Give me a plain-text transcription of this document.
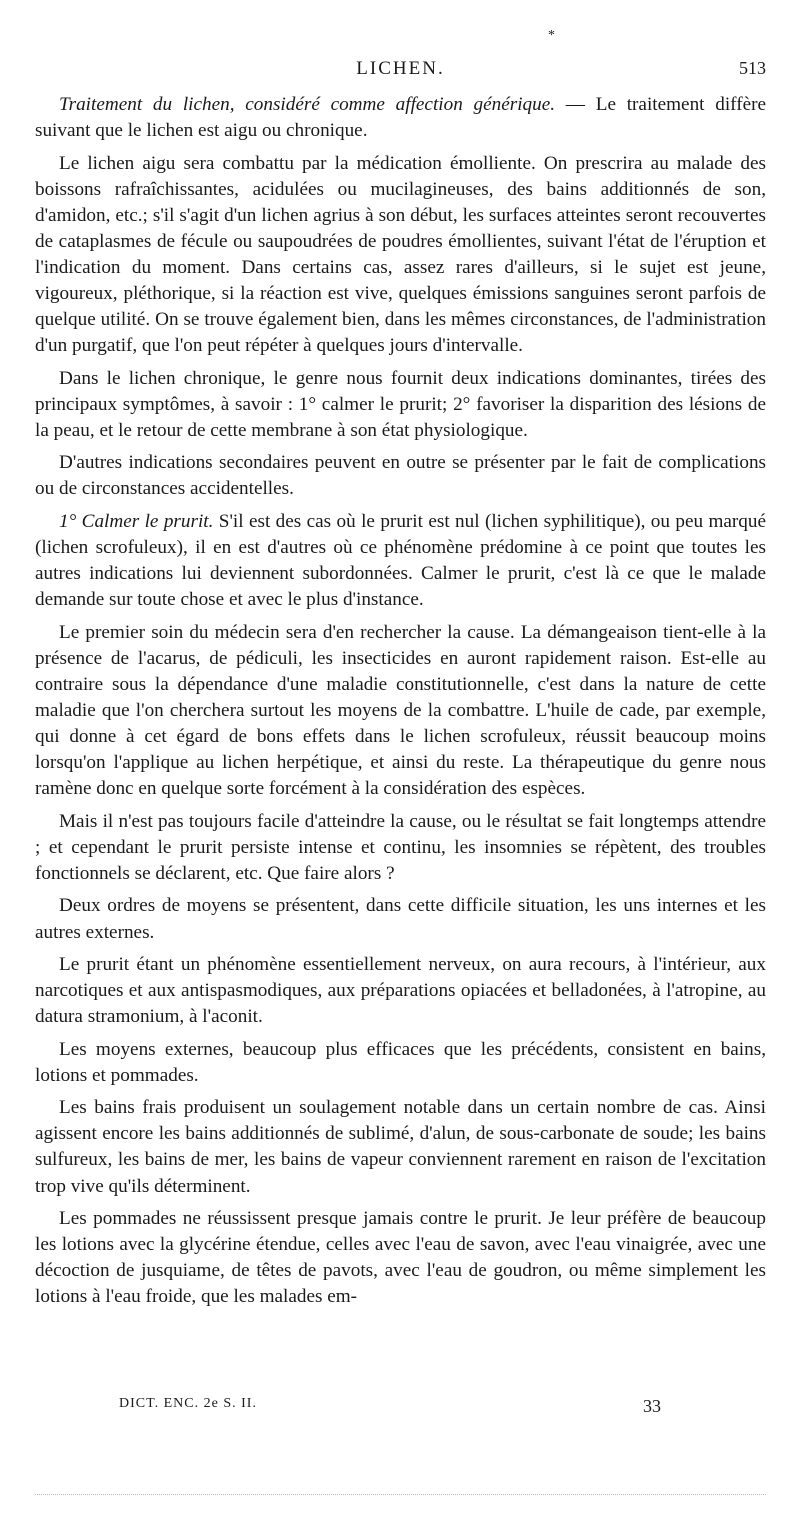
*
LICHEN.	513

Traitement du lichen, considéré comme affection générique. — Le traitement diffère suivant que le lichen est aigu ou chronique.

Le lichen aigu sera combattu par la médication émolliente. On prescrira au malade des boissons rafraîchissantes, acidulées ou mucilagineuses, des bains additionnés de son, d'amidon, etc.; s'il s'agit d'un lichen agrius à son début, les surfaces atteintes seront recouvertes de cataplasmes de fécule ou saupoudrées de poudres émollientes, suivant l'état de l'éruption et l'indication du moment. Dans certains cas, assez rares d'ailleurs, si le sujet est jeune, vigoureux, pléthorique, si la réaction est vive, quelques émissions sanguines seront parfois de quelque utilité. On se trouve également bien, dans les mêmes circonstances, de l'administration d'un purgatif, que l'on peut répéter à quelques jours d'intervalle.

Dans le lichen chronique, le genre nous fournit deux indications dominantes, tirées des principaux symptômes, à savoir : 1° calmer le prurit; 2° favoriser la disparition des lésions de la peau, et le retour de cette membrane à son état physiologique.

D'autres indications secondaires peuvent en outre se présenter par le fait de complications ou de circonstances accidentelles.

1° Calmer le prurit. S'il est des cas où le prurit est nul (lichen syphilitique), ou peu marqué (lichen scrofuleux), il en est d'autres où ce phénomène prédomine à ce point que toutes les autres indications lui deviennent subordonnées. Calmer le prurit, c'est là ce que le malade demande sur toute chose et avec le plus d'instance.

Le premier soin du médecin sera d'en rechercher la cause. La démangeaison tient-elle à la présence de l'acarus, de pédiculi, les insecticides en auront rapidement raison. Est-elle au contraire sous la dépendance d'une maladie constitutionnelle, c'est dans la nature de cette maladie que l'on cherchera surtout les moyens de la combattre. L'huile de cade, par exemple, qui donne à cet égard de bons effets dans le lichen scrofuleux, réussit beaucoup moins lorsqu'on l'applique au lichen herpétique, et ainsi du reste. La thérapeutique du genre nous ramène donc en quelque sorte forcément à la considération des espèces.

Mais il n'est pas toujours facile d'atteindre la cause, ou le résultat se fait longtemps attendre ; et cependant le prurit persiste intense et continu, les insomnies se répètent, des troubles fonctionnels se déclarent, etc. Que faire alors ?

Deux ordres de moyens se présentent, dans cette difficile situation, les uns internes et les autres externes.

Le prurit étant un phénomène essentiellement nerveux, on aura recours, à l'intérieur, aux narcotiques et aux antispasmodiques, aux préparations opiacées et belladonées, à l'atropine, au datura stramonium, à l'aconit.

Les moyens externes, beaucoup plus efficaces que les précédents, consistent en bains, lotions et pommades.

Les bains frais produisent un soulagement notable dans un certain nombre de cas. Ainsi agissent encore les bains additionnés de sublimé, d'alun, de sous-carbonate de soude; les bains sulfureux, les bains de mer, les bains de vapeur conviennent rarement en raison de l'excitation trop vive qu'ils déterminent.

Les pommades ne réussissent presque jamais contre le prurit. Je leur préfère de beaucoup les lotions avec la glycérine étendue, celles avec l'eau de savon, avec l'eau vinaigrée, avec une décoction de jusquiame, de têtes de pavots, avec l'eau de goudron, ou même simplement les lotions à l'eau froide, que les malades em-

DICT. ENC. 2e S. II.	33
